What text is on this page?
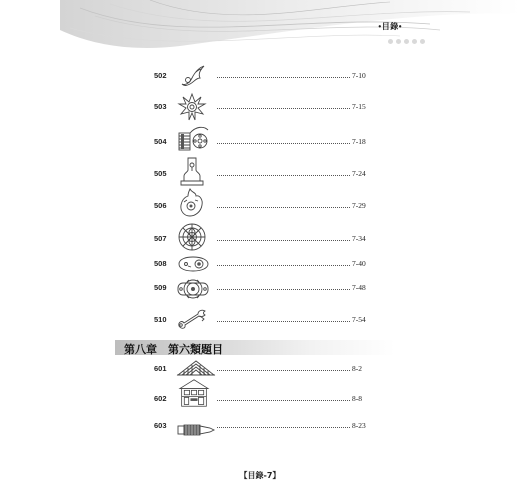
•目錄•
502	7-10
503	7-15
504	7-18
505	7-24
506	7-29
507	7-34
508	7-40
509	7-48
510	7-54
第八章　第六類題目
601	8-2
602	8-8
603	8-23
【目錄-7】
